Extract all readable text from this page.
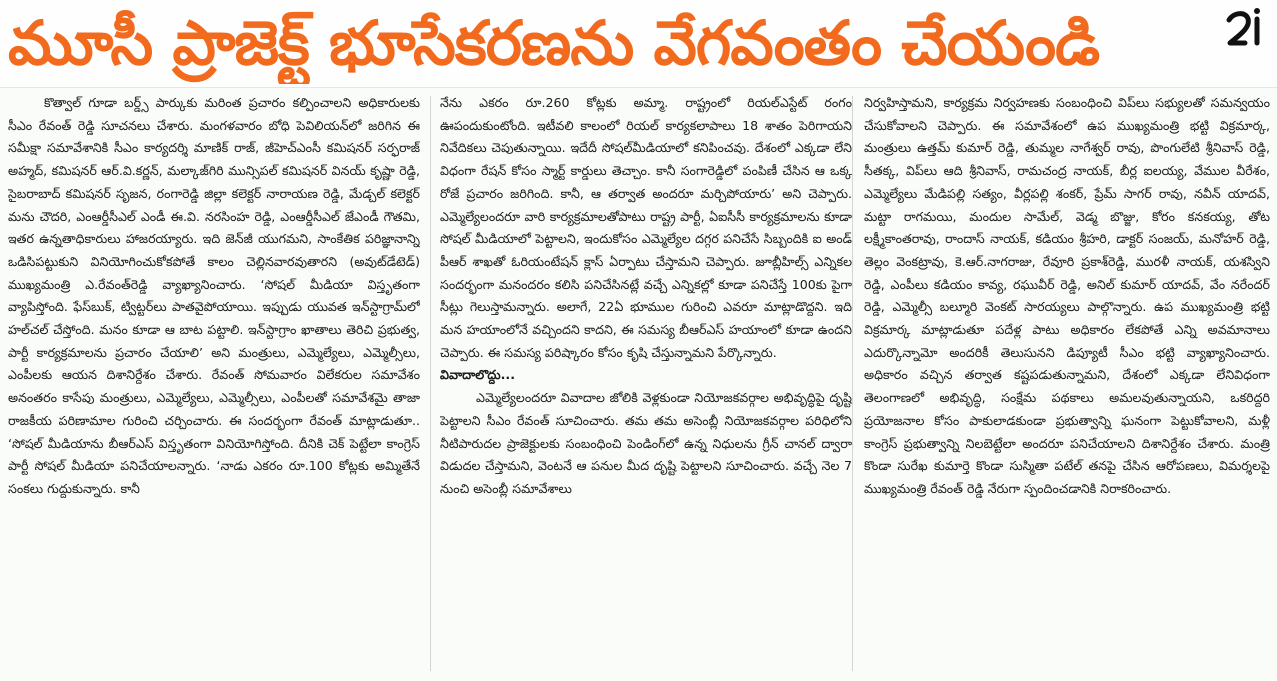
మూసీ ప్రాజెక్ట్ భూసేకరణను వేగవంతం చేయండి

కొత్వాల్ గూడా బర్డ్స్ పార్కుకు మరింత ప్రచారం కల్పించాలని అధికారులకు సీఎం రేవంత్ రెడ్డి సూచనలు చేశారు. మంగళవారం బోధి పెవిలియన్‌లో జరిగిన ఈ సమీక్షా సమావేశానికి సీఎం కార్యదర్శి మాణిక్ రాజ్, జీహెచ్ఎంసీ కమిషనర్ సర్ఫరాజ్ అహ్మద్, కమిషనర్ ఆర్.వి.కర్ణన్, మల్కాజ్‌గిరి మున్సిపల్ కమిషనర్ వినయ్ కృష్ణా రెడ్డి, సైబరాబాద్ కమిషనర్ సృజన, రంగారెడ్డి జిల్లా కలెక్టర్ నారాయణ రెడ్డి, మేడ్చల్ కలెక్టర్ మను చౌదరి, ఎంఆర్డీసీఎల్ ఎండీ ఈ.వి. నరసింహ రెడ్డి, ఎంఆర్డీసీఎల్ జేఎండీ గౌతమి, ఇతర ఉన్నతాధికారులు హాజరయ్యారు. ఇది జెన్‌జీ యుగమని, సాంకేతిక పరిజ్ఞానాన్ని ఒడిసిపట్టుకుని వినియోగించుకోకపోతే కాలం చెల్లినవారవుతారని (అవుట్‌డేటెడ్) ముఖ్యమంత్రి ఎ.రేవంత్‌రెడ్డి వ్యాఖ్యానించారు. ‘సోషల్ మీడియా విస్తృతంగా వ్యాపిస్తోంది. ఫేస్‌బుక్, ట్విట్టర్‌లు పాతవైపోయాయి. ఇప్పుడు యువత ఇన్‌స్టాగ్రామ్‌లో హల్‌చల్ చేస్తోంది. మనం కూడా ఆ బాట పట్టాలి. ఇన్‌స్టాగ్రాం ఖాతాలు తెరిచి ప్రభుత్వ, పార్టీ కార్యక్రమాలను ప్రచారం చేయాలి’ అని మంత్రులు, ఎమ్మెల్యేలు, ఎమ్మెల్సీలు, ఎంపీలకు ఆయన దిశానిర్దేశం చేశారు. రేవంత్ సోమవారం విలేకరుల సమావేశం అనంతరం కాసేపు మంత్రులు, ఎమ్మెల్యేలు, ఎమ్మెల్సీలు, ఎంపీలతో సమావేశమై తాజా రాజకీయ పరిణామాల గురించి చర్చించారు. ఈ సందర్భంగా రేవంత్ మాట్లాడుతూ.. ‘సోషల్ మీడియాను బీఆర్ఎస్ విస్తృతంగా వినియోగిస్తోంది. దీనికి చెక్ పెట్టేలా కాంగ్రెస్ పార్టీ సోషల్ మీడియా పనిచేయాలన్నారు. ‘నాడు ఎకరం రూ.100 కోట్లకు అమ్మితేనే సంకలు గుద్దుకున్నారు. కానీ

నేను ఎకరం రూ.260 కోట్లకు అమ్మా. రాష్ట్రంలో రియల్ఎస్టేట్ రంగం ఊపందుకుంటోంది. ఇటీవలి కాలంలో రియల్ కార్యకలాపాలు 18 శాతం పెరిగాయని నివేదికలు చెపుతున్నాయి. ఇదేదీ సోషల్‌మీడియాలో కనిపించవు. దేశంలో ఎక్కడా లేని విధంగా రేషన్ కోసం స్మార్ట్ కార్డులు తెచ్చాం. కానీ సంగారెడ్డిలో పంపిణీ చేసిన ఆ ఒక్క రోజే ప్రచారం జరిగింది. కానీ, ఆ తర్వాత అందరూ మర్చిపోయారు’ అని చెప్పారు. ఎమ్మెల్యేలందరూ వారి కార్యక్రమాలతోపాటు రాష్ట్ర పార్టీ, ఏఐసీసీ కార్యక్రమాలను కూడా సోషల్ మీడియాలో పెట్టాలని, ఇందుకోసం ఎమ్మెల్యేల దగ్గర పనిచేసే సిబ్బందికి ఐ అండ్ పీఆర్ శాఖతో ఓరియంటేషన్ క్లాస్ ఏర్పాటు చేస్తామని చెప్పారు. జూబ్లీహిల్స్ ఎన్నికల సందర్భంగా మనందరం కలిసి పనిచేసినట్లే వచ్చే ఎన్నికల్లో కూడా పనిచేస్తే 100కు పైగా సీట్లు గెలుస్తామన్నారు. అలాగే, 22ఏ భూముల గురించి ఎవరూ మాట్లాడొద్దని. ఇది మన హయాంలోనే వచ్చిందని కాదని, ఈ సమస్య బీఆర్ఎస్ హయాంలో కూడా ఉందని చెప్పారు. ఈ సమస్య పరిష్కారం కోసం కృషి చేస్తున్నామని పేర్కొన్నారు.

వివాదాలొద్దు...

ఎమ్మెల్యేలందరూ వివాదాల జోలికి వెళ్లకుండా నియోజకవర్గాల అభివృద్ధిపై దృష్టి పెట్టాలని సీఎం రేవంత్ సూచించారు. తమ తమ అసెంబ్లీ నియోజకవర్గాల పరిధిలోని నీటిపారుదల ప్రాజెక్టులకు సంబంధించి పెండింగ్‌లో ఉన్న నిధులను గ్రీన్ చానల్ ద్వారా విడుదల చేస్తామని, వెంటనే ఆ పనుల మీద దృష్టి పెట్టాలని సూచించారు. వచ్చే నెల 7 నుంచి అసెంబ్లీ సమావేశాలు

నిర్వహిస్తామని, కార్యక్రమ నిర్వహణకు సంబంధించి విప్‌లు సభ్యులతో సమన్వయం చేసుకోవాలని చెప్పారు. ఈ సమావేశంలో ఉప ముఖ్యమంత్రి భట్టి విక్రమార్క, మంత్రులు ఉత్తమ్ కుమార్ రెడ్డి, తుమ్మల నాగేశ్వర్ రావు, పొంగులేటి శ్రీనివాస్ రెడ్డి, సీతక్క, విప్‌లు ఆది శ్రీనివాస్, రామచంద్ర నాయక్, బీర్ల ఐలయ్య, వేముల వీరేశం, ఎమ్మెల్యేలు మేడిపల్లి సత్యం, వీర్లపల్లి శంకర్, ప్రేమ్ సాగర్ రావు, నవీన్ యాదవ్, మట్టా రాగమయి, మందుల సామేల్, వెడ్మ బొజ్జు, కోరం కనకయ్య, తోట లక్ష్మీకాంతరావు, రాందాస్ నాయక్, కడియం శ్రీహరి, డాక్టర్ సంజయ్, మనోహర్ రెడ్డి, తెల్లం వెంకట్రావు, కె.ఆర్.నాగరాజు, రేవూరి ప్రకాశ్‌రెడ్డి, మురళీ నాయక్, యశస్విని రెడ్డి, ఎంపీలు కడియం కావ్య, రఘువీర్ రెడ్డి, అనిల్ కుమార్ యాదవ్, వేం నరేందర్ రెడ్డి, ఎమ్మెల్సీ బల్మూరి వెంకట్ సారయ్యలు పాల్గొన్నారు. ఉప ముఖ్యమంత్రి భట్టి విక్రమార్క మాట్లాడుతూ పదేళ్ల పాటు అధికారం లేకపోతే ఎన్ని అవమానాలు ఎదుర్కొన్నామో అందరికీ తెలుసునని డిప్యూటీ సీఎం భట్టి వ్యాఖ్యానించారు. అధికారం వచ్చిన తర్వాత కష్టపడుతున్నామని, దేశంలో ఎక్కడా లేనివిధంగా తెలంగాణలో అభివృద్ధి, సంక్షేమ పథకాలు అమలవుతున్నాయని, ఒకరిద్దరి ప్రయోజనాల కోసం పాకులాడకుండా ప్రభుత్వాన్ని ఘనంగా పెట్టుకోవాలని, మళ్లీ కాంగ్రెస్ ప్రభుత్వాన్ని నిలబెట్టేలా అందరూ పనిచేయాలని దిశానిర్దేశం చేశారు. మంత్రి కొండా సురేఖ కుమార్తె కొండా సుస్మితా పటేల్ తనపై చేసిన ఆరోపణలు, విమర్శలపై ముఖ్యమంత్రి రేవంత్ రెడ్డి నేరుగా స్పందించడానికి నిరాకరించారు.
